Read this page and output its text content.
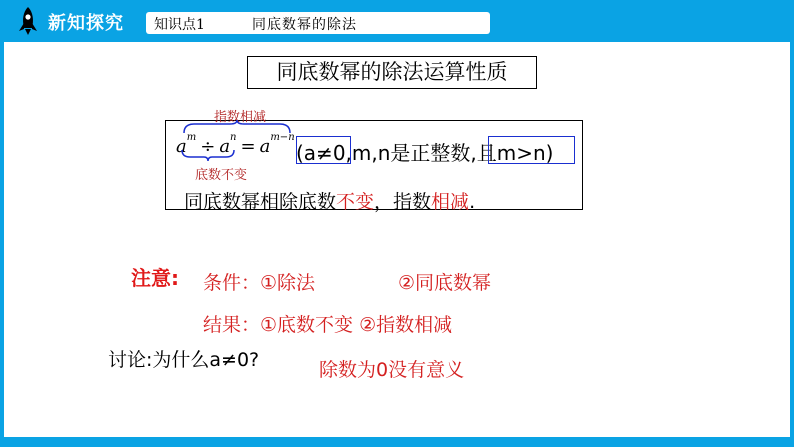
新知探究 知识点1	同底数幂的除法
同底数幂的除法运算性质
指数相减
$a^m \div a^n = a^{m-n}$
底数不变
(a≠0,m,n是正整数,且m>n)
同底数幂相除底数不变，指数相减.
注意: 条件：①除法	②同底数幂
结果：①底数不变 ②指数相减
讨论:为什么a≠0?	除数为0没有意义
